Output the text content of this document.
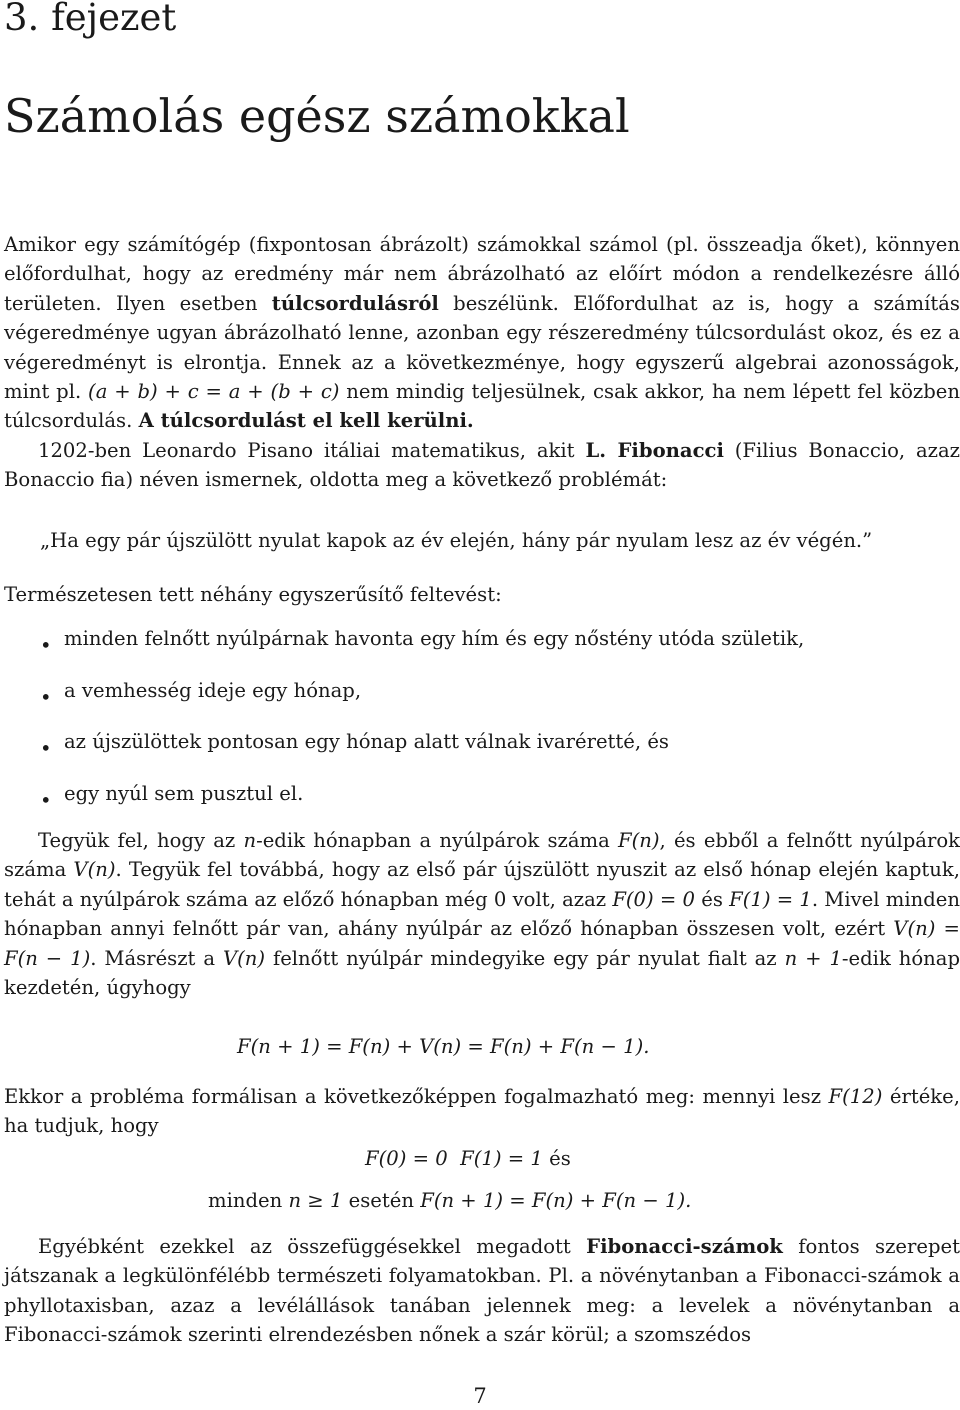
3. fejezet
Számolás egész számokkal

Amikor egy számítógép (fixpontosan ábrázolt) számokkal számol (pl. összeadja őket), könnyen előfordulhat, hogy az eredmény már nem ábrázolható az előírt módon a rendelkezésre álló területen. Ilyen esetben túlcsordulásról beszélünk. Előfordulhat az is, hogy a számítás végeredménye ugyan ábrázolható lenne, azonban egy részeredmény túlcsordulást okoz, és ez a végeredményt is elrontja. Ennek az a következménye, hogy egyszerű algebrai azonosságok, mint pl. (a + b) + c = a + (b + c) nem mindig teljesülnek, csak akkor, ha nem lépett fel közben túlcsordulás. A túlcsordulást el kell kerülni.
1202-ben Leonardo Pisano itáliai matematikus, akit L. Fibonacci (Filius Bonaccio, azaz Bonaccio fia) néven ismernek, oldotta meg a következő problémát:

„Ha egy pár újszülött nyulat kapok az év elején, hány pár nyulam lesz az év végén.”

Természetesen tett néhány egyszerűsítő feltevést:

• minden felnőtt nyúlpárnak havonta egy hím és egy nőstény utóda születik,
• a vemhesség ideje egy hónap,
• az újszülöttek pontosan egy hónap alatt válnak ivaréretté, és
• egy nyúl sem pusztul el.

Tegyük fel, hogy az n-edik hónapban a nyúlpárok száma F(n), és ebből a felnőtt nyúlpárok száma V(n). Tegyük fel továbbá, hogy az első pár újszülött nyuszit az első hónap elején kaptuk, tehát a nyúlpárok száma az előző hónapban még 0 volt, azaz F(0) = 0 és F(1) = 1. Mivel minden hónapban annyi felnőtt pár van, ahány nyúlpár az előző hónapban összesen volt, ezért V(n) = F(n − 1). Másrészt a V(n) felnőtt nyúlpár mindegyike egy pár nyulat fialt az n + 1-edik hónap kezdetén, úgyhogy

F(n + 1) = F(n) + V(n) = F(n) + F(n − 1).

Ekkor a probléma formálisan a következőképpen fogalmazható meg: mennyi lesz F(12) értéke, ha tudjuk, hogy

F(0) = 0 F(1) = 1 és
minden n ≥ 1 esetén F(n + 1) = F(n) + F(n − 1).

Egyébként ezekkel az összefüggésekkel megadott Fibonacci-számok fontos szerepet játszanak a legkülönfélébb természeti folyamatokban. Pl. a növénytanban a Fibonacci-számok a phyllotaxisban, azaz a levélállások tanában jelennek meg: a levelek a növénytanban a Fibonacci-számok szerinti elrendezésben nőnek a szár körül; a szomszédos

7
